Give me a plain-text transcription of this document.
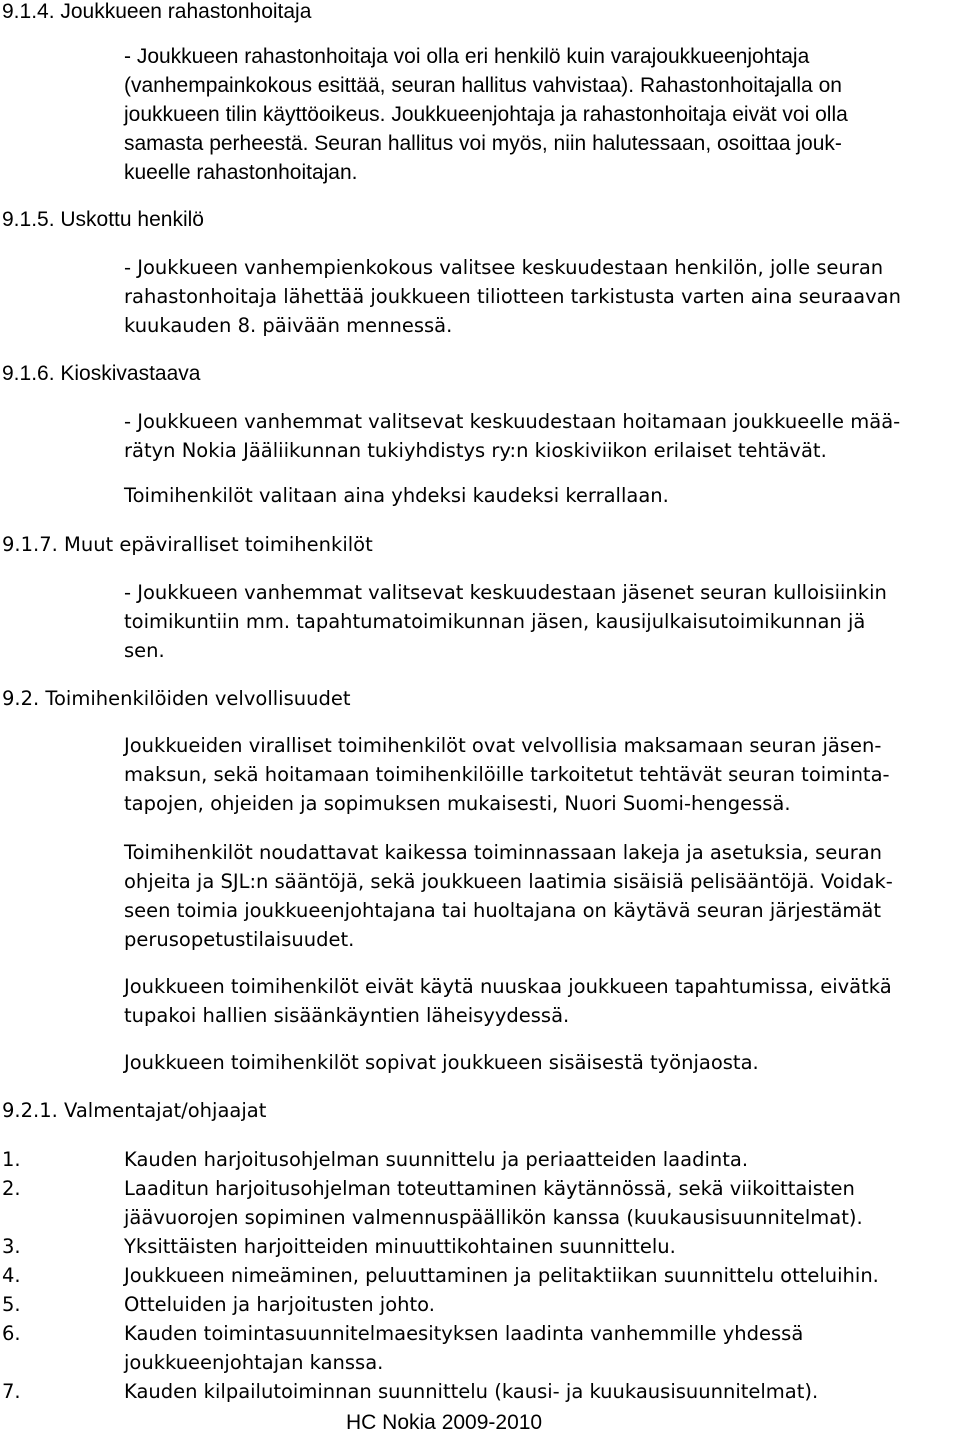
9.1.4. Joukkueen rahastonhoitaja
- Joukkueen rahastonhoitaja voi olla eri henkilö kuin varajoukkueenjohtaja
(vanhempainkokous esittää, seuran hallitus vahvistaa). Rahastonhoitajalla on
joukkueen tilin käyttöoikeus. Joukkueenjohtaja ja rahastonhoitaja eivät voi olla
samasta perheestä. Seuran hallitus voi myös, niin halutessaan, osoittaa jouk-
kueelle rahastonhoitajan.
9.1.5. Uskottu henkilö
- Joukkueen vanhempienkokous valitsee keskuudestaan henkilön, jolle seuran
rahastonhoitaja lähettää joukkueen tiliotteen tarkistusta varten aina seuraavan
kuukauden 8. päivään mennessä.
9.1.6. Kioskivastaava
- Joukkueen vanhemmat valitsevat keskuudestaan hoitamaan joukkueelle mää-
rätyn Nokia Jääliikunnan tukiyhdistys ry:n kioskiviikon erilaiset tehtävät.
Toimihenkilöt valitaan aina yhdeksi kaudeksi kerrallaan.
9.1.7. Muut epäviralliset toimihenkilöt
- Joukkueen vanhemmat valitsevat keskuudestaan jäsenet seuran kulloisiinkin
toimikuntiin mm. tapahtumatoimikunnan jäsen, kausijulkaisutoimikunnan jä
sen.
9.2. Toimihenkilöiden velvollisuudet
Joukkueiden viralliset toimihenkilöt ovat velvollisia maksamaan seuran jäsen-
maksun, sekä hoitamaan toimihenkilöille tarkoitetut tehtävät seuran toiminta-
tapojen, ohjeiden ja sopimuksen mukaisesti, Nuori Suomi-hengessä.
Toimihenkilöt noudattavat kaikessa toiminnassaan lakeja ja asetuksia, seuran
ohjeita ja SJL:n sääntöjä, sekä joukkueen laatimia sisäisiä pelisääntöjä. Voidak-
seen toimia joukkueenjohtajana tai huoltajana on käytävä seuran järjestämät
perusopetustilaisuudet.
Joukkueen toimihenkilöt eivät käytä nuuskaa joukkueen tapahtumissa, eivätkä
tupakoi hallien sisäänkäyntien läheisyydessä.
Joukkueen toimihenkilöt sopivat joukkueen sisäisestä työnjaosta.
9.2.1. Valmentajat/ohjaajat
1.	Kauden harjoitusohjelman suunnittelu ja periaatteiden laadinta.
2.	Laaditun harjoitusohjelman toteuttaminen käytännössä, sekä viikoittaisten
jäävuorojen sopiminen valmennuspäällikön kanssa (kuukausisuunnitelmat).
3.	Yksittäisten harjoitteiden minuuttikohtainen suunnittelu.
4.	Joukkueen nimeäminen, peluuttaminen ja pelitaktiikan suunnittelu otteluihin.
5.	Otteluiden ja harjoitusten johto.
6.	Kauden toimintasuunnitelmaesityksen laadinta vanhemmille yhdessä
joukkueenjohtajan kanssa.
7.	Kauden kilpailutoiminnan suunnittelu (kausi- ja kuukausisuunnitelmat).
HC Nokia 2009-2010
